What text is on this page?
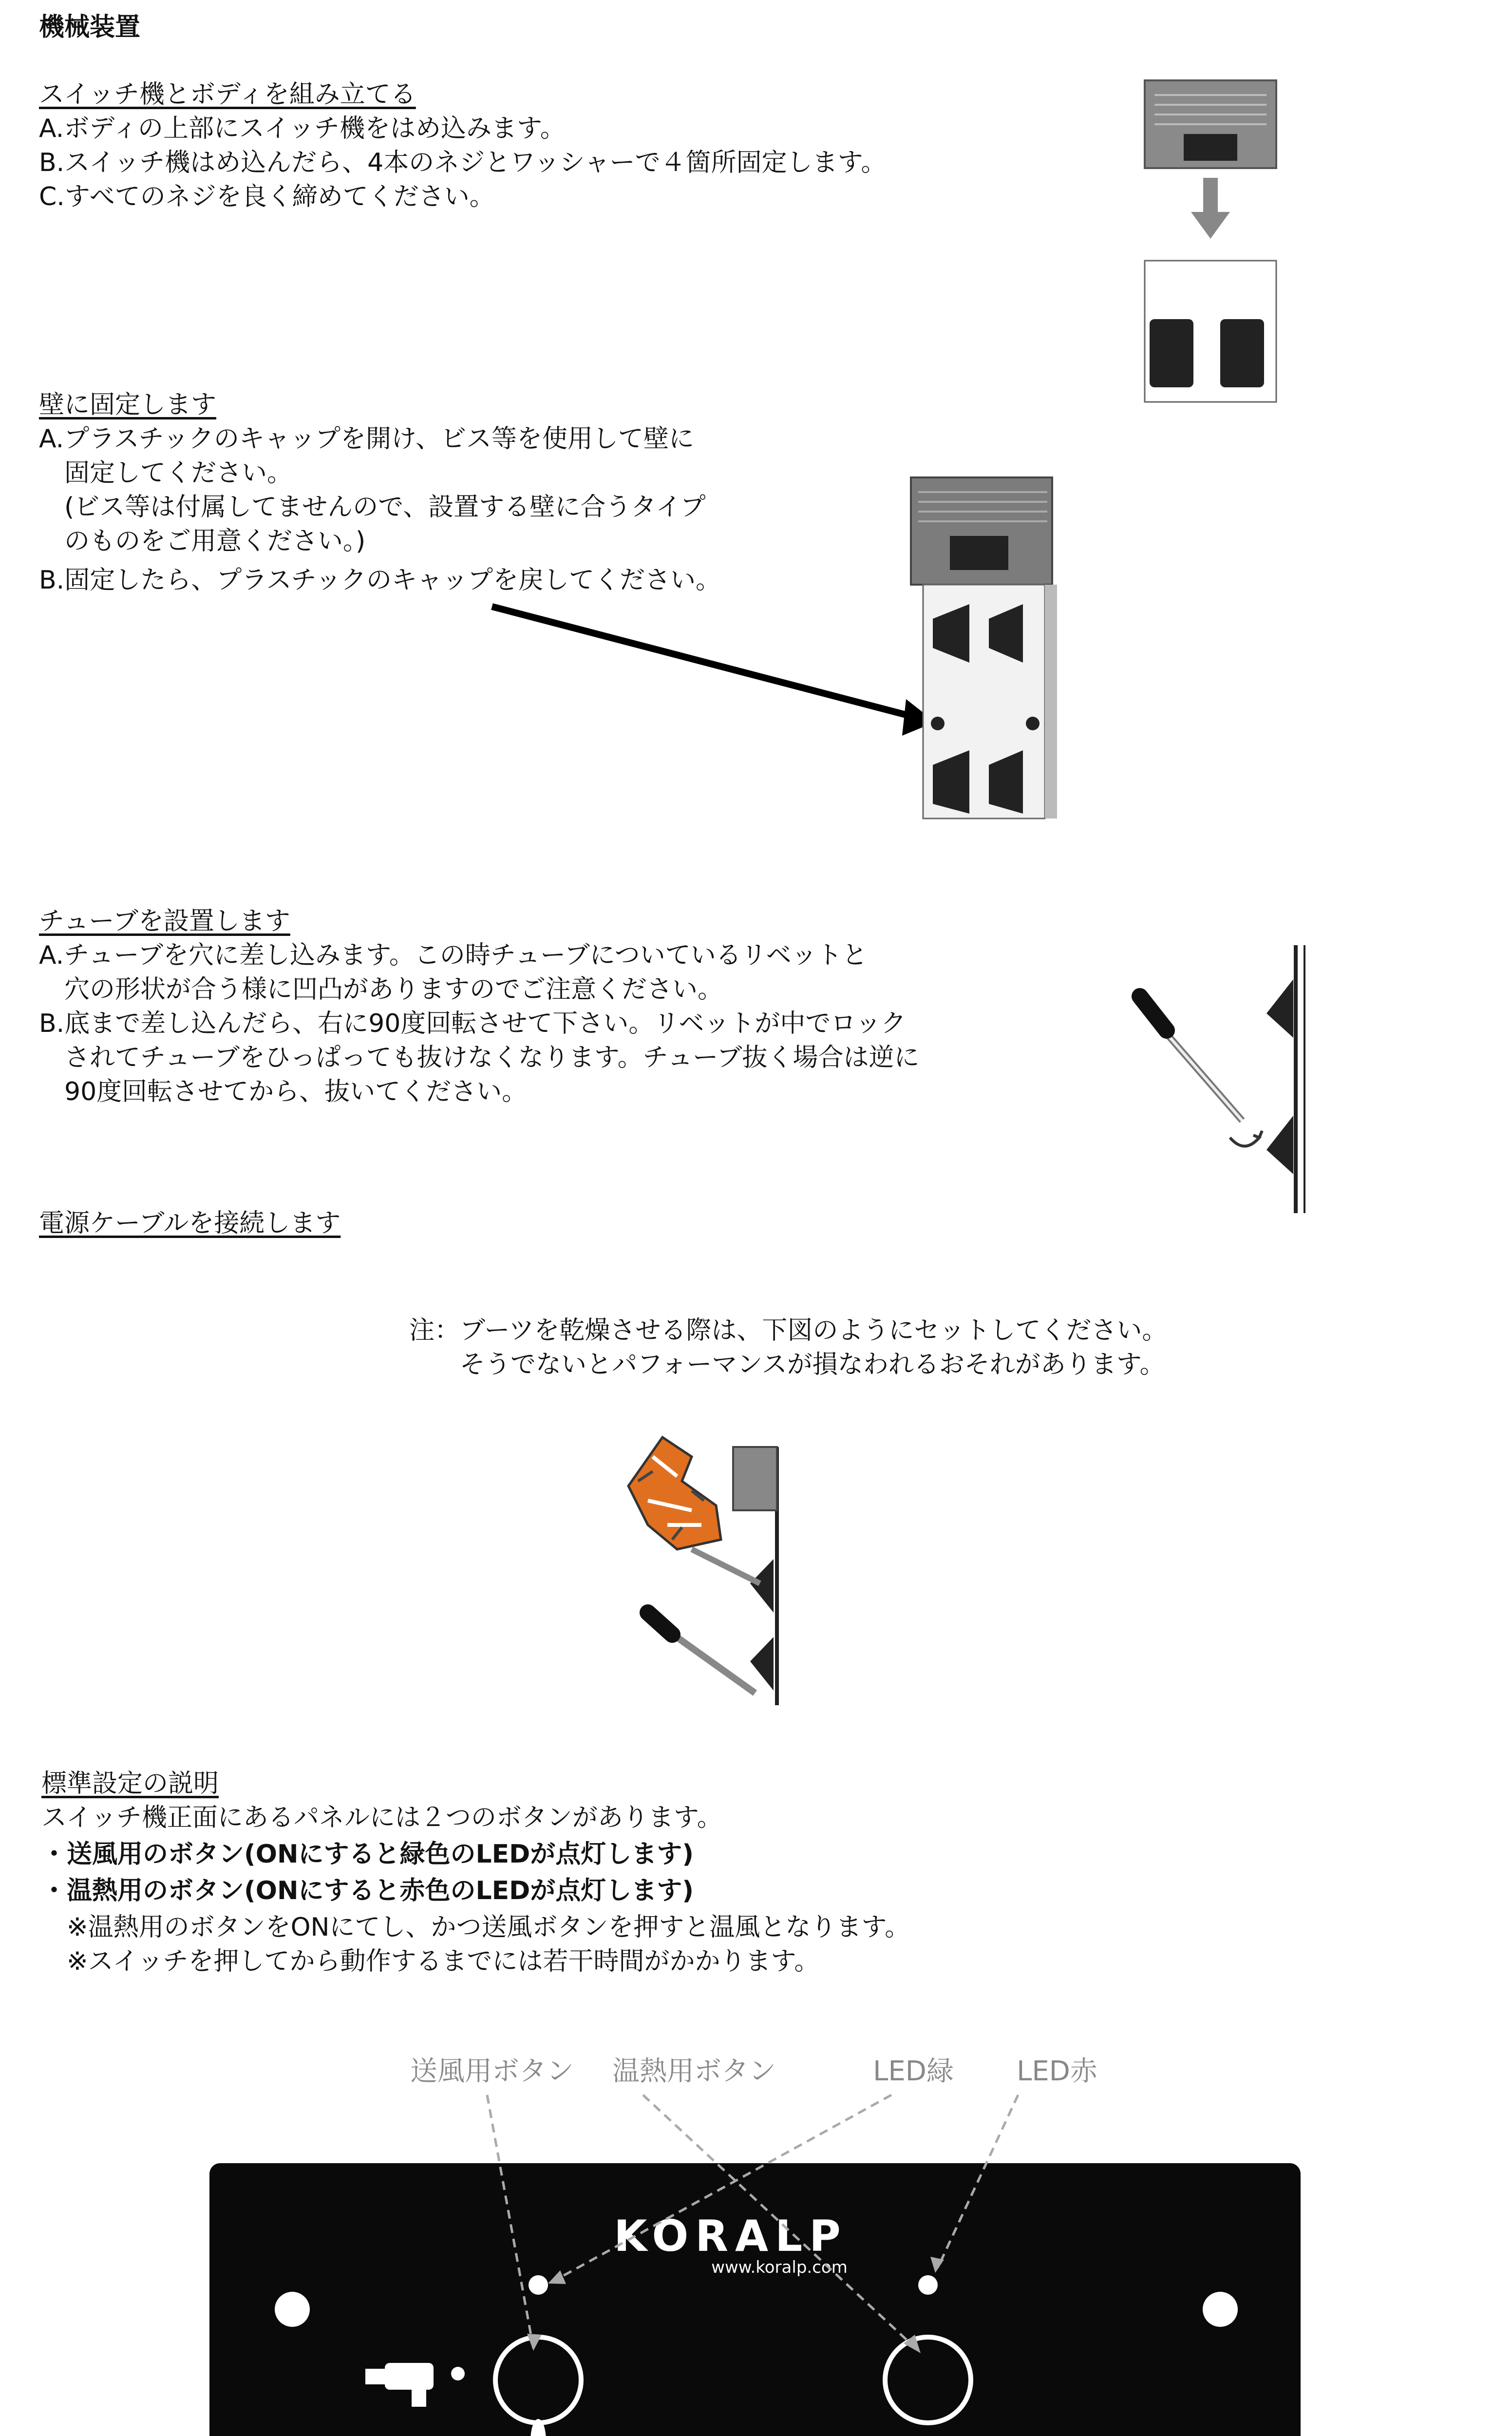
機械装置
スイッチ機とボディを組み立てる
A.ボディの上部にスイッチ機をはめ込みます。
B.スイッチ機はめ込んだら、4本のネジとワッシャーで４箇所固定します。
C.すべてのネジを良く締めてください。
壁に固定します
A.プラスチックのキャップを開け、ビス等を使用して壁に
　固定してください。
　(ビス等は付属してませんので、設置する壁に合うタイプ
　のものをご用意ください。)
B.固定したら、プラスチックのキャップを戻してください。
チューブを設置します
A.チューブを穴に差し込みます。この時チューブについているリベットと
　穴の形状が合う様に凹凸がありますのでご注意ください。
B.底まで差し込んだら、右に90度回転させて下さい。リベットが中でロック
　されてチューブをひっぱっても抜けなくなります。チューブ抜く場合は逆に
　90度回転させてから、抜いてください。
電源ケーブルを接続します
注：ブーツを乾燥させる際は、下図のようにセットしてください。
　　そうでないとパフォーマンスが損なわれるおそれがあります。
標準設定の説明
スイッチ機正面にあるパネルには２つのボタンがあります。
・送風用のボタン(ONにすると緑色のLEDが点灯します)
・温熱用のボタン(ONにすると赤色のLEDが点灯します)
　※温熱用のボタンをONにてし、かつ送風ボタンを押すと温風となります。
　※スイッチを押してから動作するまでには若干時間がかかります。
送風用ボタン 温熱用ボタン	LED緑 LED赤
KORALP
www.koralp.com
